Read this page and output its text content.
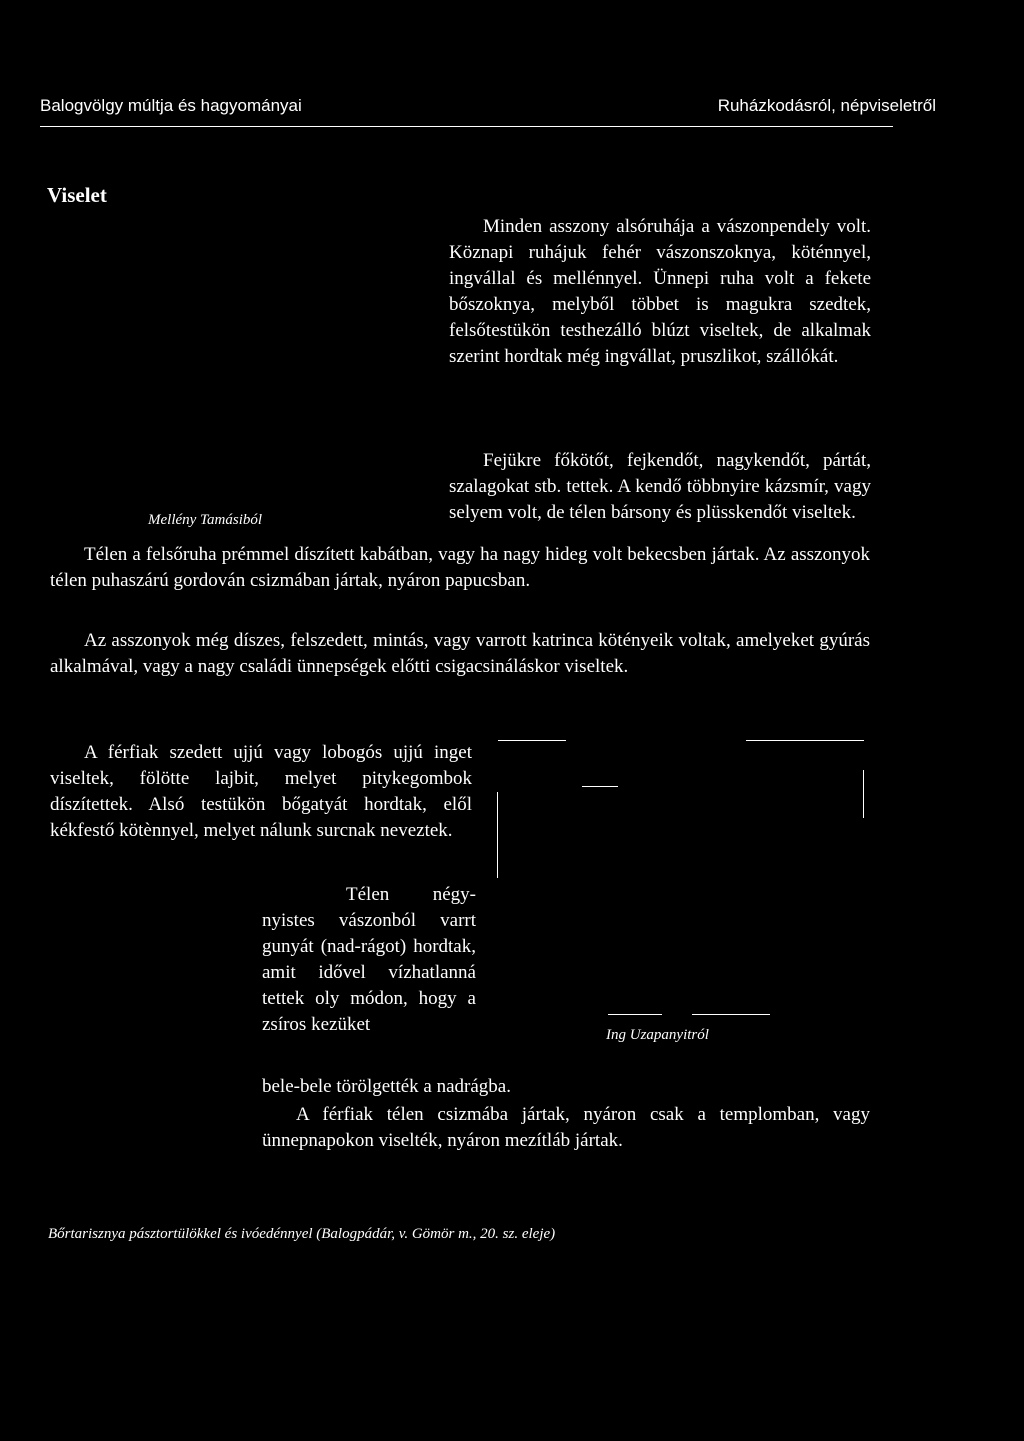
Balogvölgy múltja és hagyományai	Ruházkodásról, népviseletről
Viselet
Minden asszony alsóruhája a vászonpendely volt. Köznapi ruhájuk fehér vászonszoknya, köténnyel, ingvállal és mellénnyel. Ünnepi ruha volt a fekete bőszoknya, melyből többet is magukra szedtek, felsőtestükön testhezálló blúzt viseltek, de alkalmak szerint hordtak még ingvállat, pruszlikot, szállókát.
Fejükre főkötőt, fejkendőt, nagykendőt, pártát, szalagokat stb. tettek. A kendő többnyire kázsmír, vagy selyem volt, de télen bársony és plüsskendőt viseltek.
Mellény Tamásiból
Télen a felsőruha prémmel díszített kabátban, vagy ha nagy hideg volt bekecsben jártak. Az asszonyok télen puhaszárú gordován csizmában jártak, nyáron papucsban.
Az asszonyok még díszes, felszedett, mintás, vagy varrott katrinca kötényeik voltak, amelyeket gyúrás alkalmával, vagy a nagy családi ünnepségek előtti csigacsináláskor viseltek.
A férfiak szedett ujjú vagy lobogós ujjú inget viseltek, fölötte lajbit, melyet pitykegombok díszítettek. Alsó testükön bőgatyát hordtak, elől kékfestő kötènnyel, melyet nálunk surcnak neveztek.
Télen négy-nyistes vászonból varrt gunyát (nad-rágot) hordtak, amit idővel vízhatlanná tettek oly módon, hogy a zsíros kezüket	Ing Uzapanyitról
bele-bele törölgették a nadrágba.
A férfiak télen csizmába jártak, nyáron csak a templomban, vagy ünnepnapokon viselték, nyáron mezítláb jártak.
Bőrtarisznya pásztortülökkel és ivóedénnyel (Balogpádár, v. Gömör m., 20. sz. eleje)
